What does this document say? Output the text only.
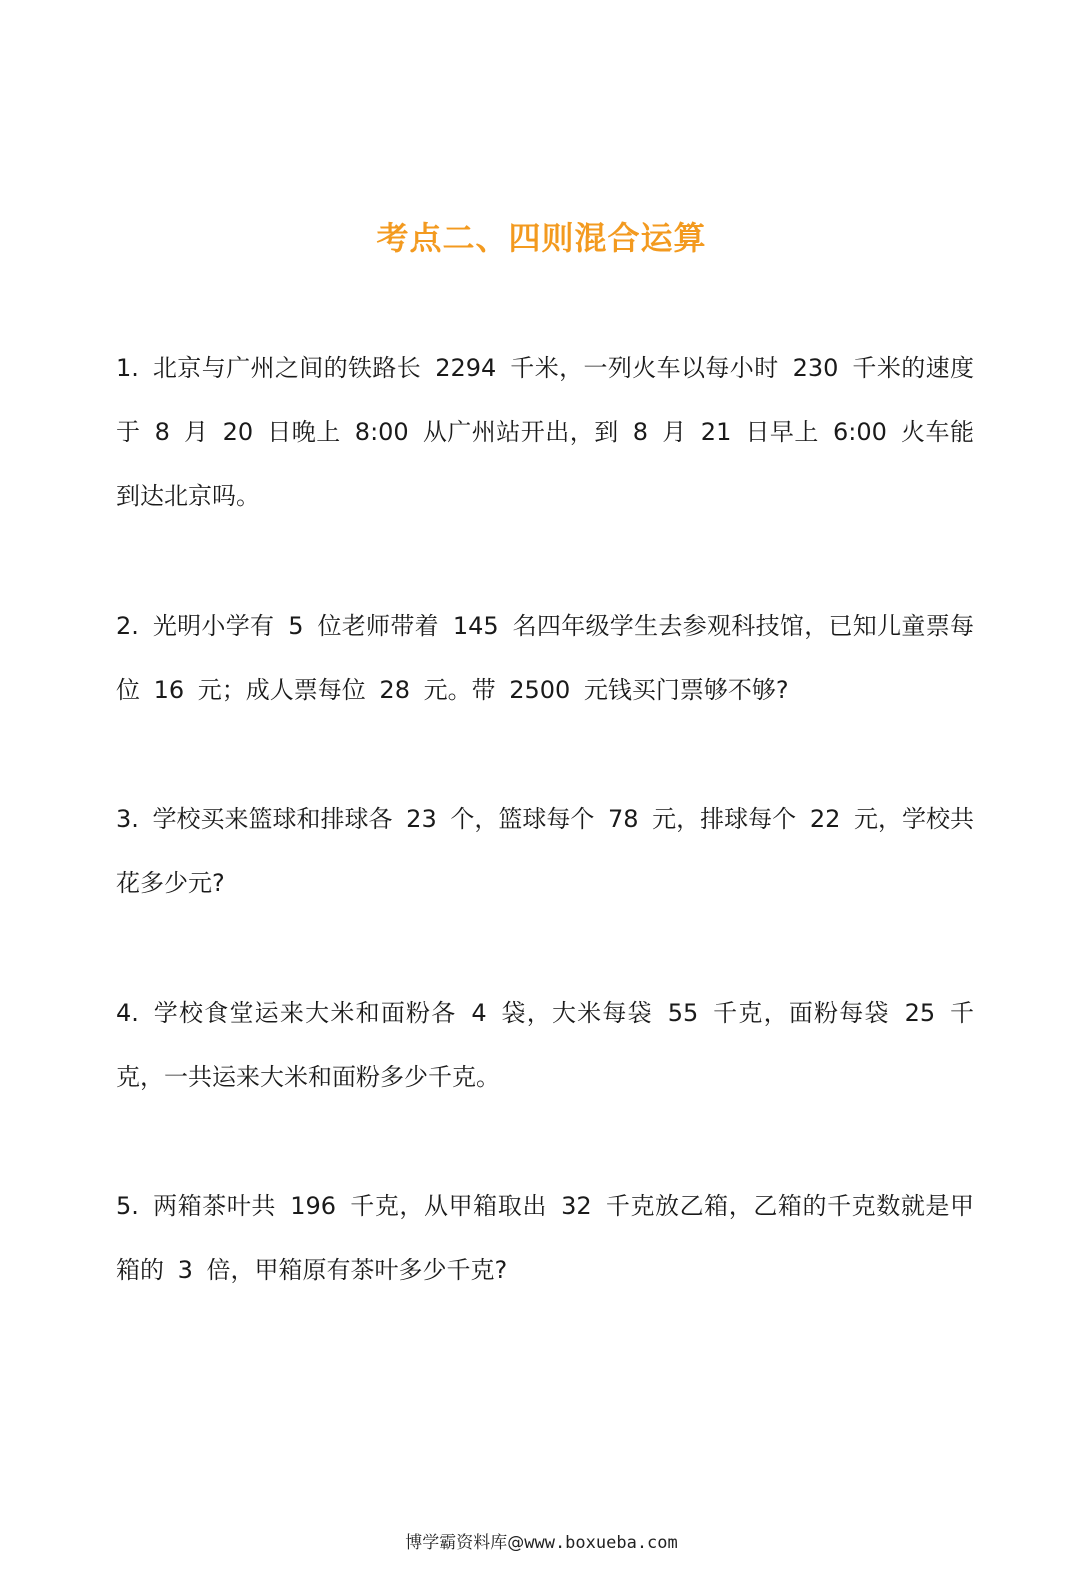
考点二、四则混合运算
1. 北京与广州之间的铁路长 2294 千米，一列火车以每小时 230 千米的速度于 8 月 20 日晚上 8:00 从广州站开出，到 8 月 21 日早上 6:00 火车能到达北京吗。
2. 光明小学有 5 位老师带着 145 名四年级学生去参观科技馆，已知儿童票每位 16 元；成人票每位 28 元。带 2500 元钱买门票够不够?
3. 学校买来篮球和排球各 23 个，篮球每个 78 元，排球每个 22 元，学校共花多少元?
4. 学校食堂运来大米和面粉各 4 袋，大米每袋 55 千克，面粉每袋 25 千克，一共运来大米和面粉多少千克。
5. 两箱茶叶共 196 千克，从甲箱取出 32 千克放乙箱，乙箱的千克数就是甲箱的 3 倍，甲箱原有茶叶多少千克?
博学霸资料库@www.boxueba.com
